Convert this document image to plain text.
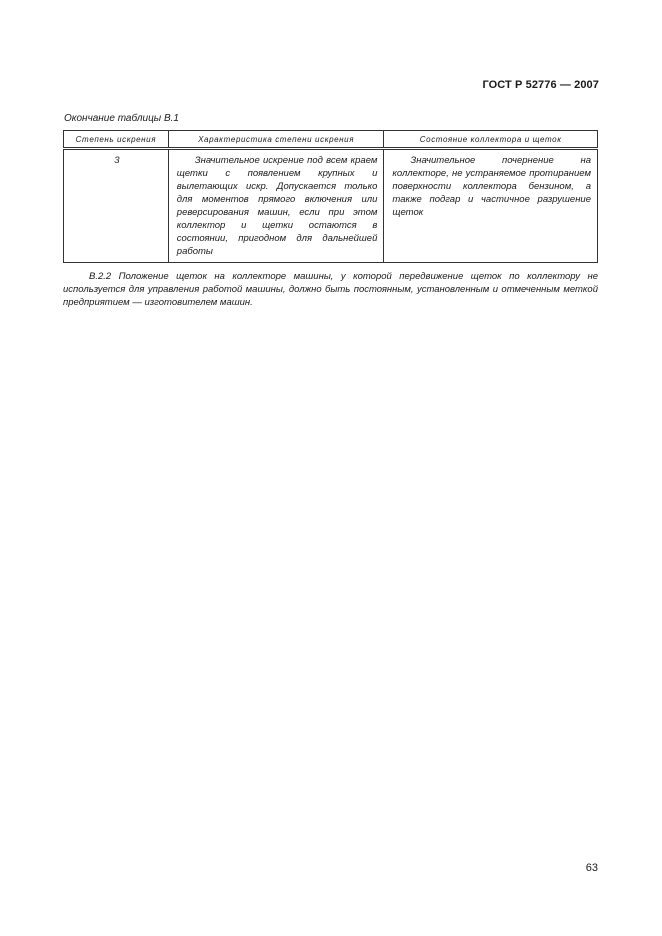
ГОСТ Р 52776 — 2007
Окончание таблицы В.1
Степень искрения	Характеристика степени искрения	Состояние коллектора и щеток
3	Значительное искрение под всем краем щетки с появлением крупных и вылетающих искр. Допускается только для моментов прямого включения или реверсирования машин, если при этом коллектор и щетки остаются в состоянии, пригодном для дальнейшей работы	Значительное почернение на коллекторе, не устраняемое протиранием поверхности коллектора бензином, а также подгар и частичное разрушение щеток

В.2.2 Положение щеток на коллекторе машины, у которой передвижение щеток по коллектору не используется для управления работой машины, должно быть постоянным, установленным и отмеченным меткой предприятием — изготовителем машин.

63
